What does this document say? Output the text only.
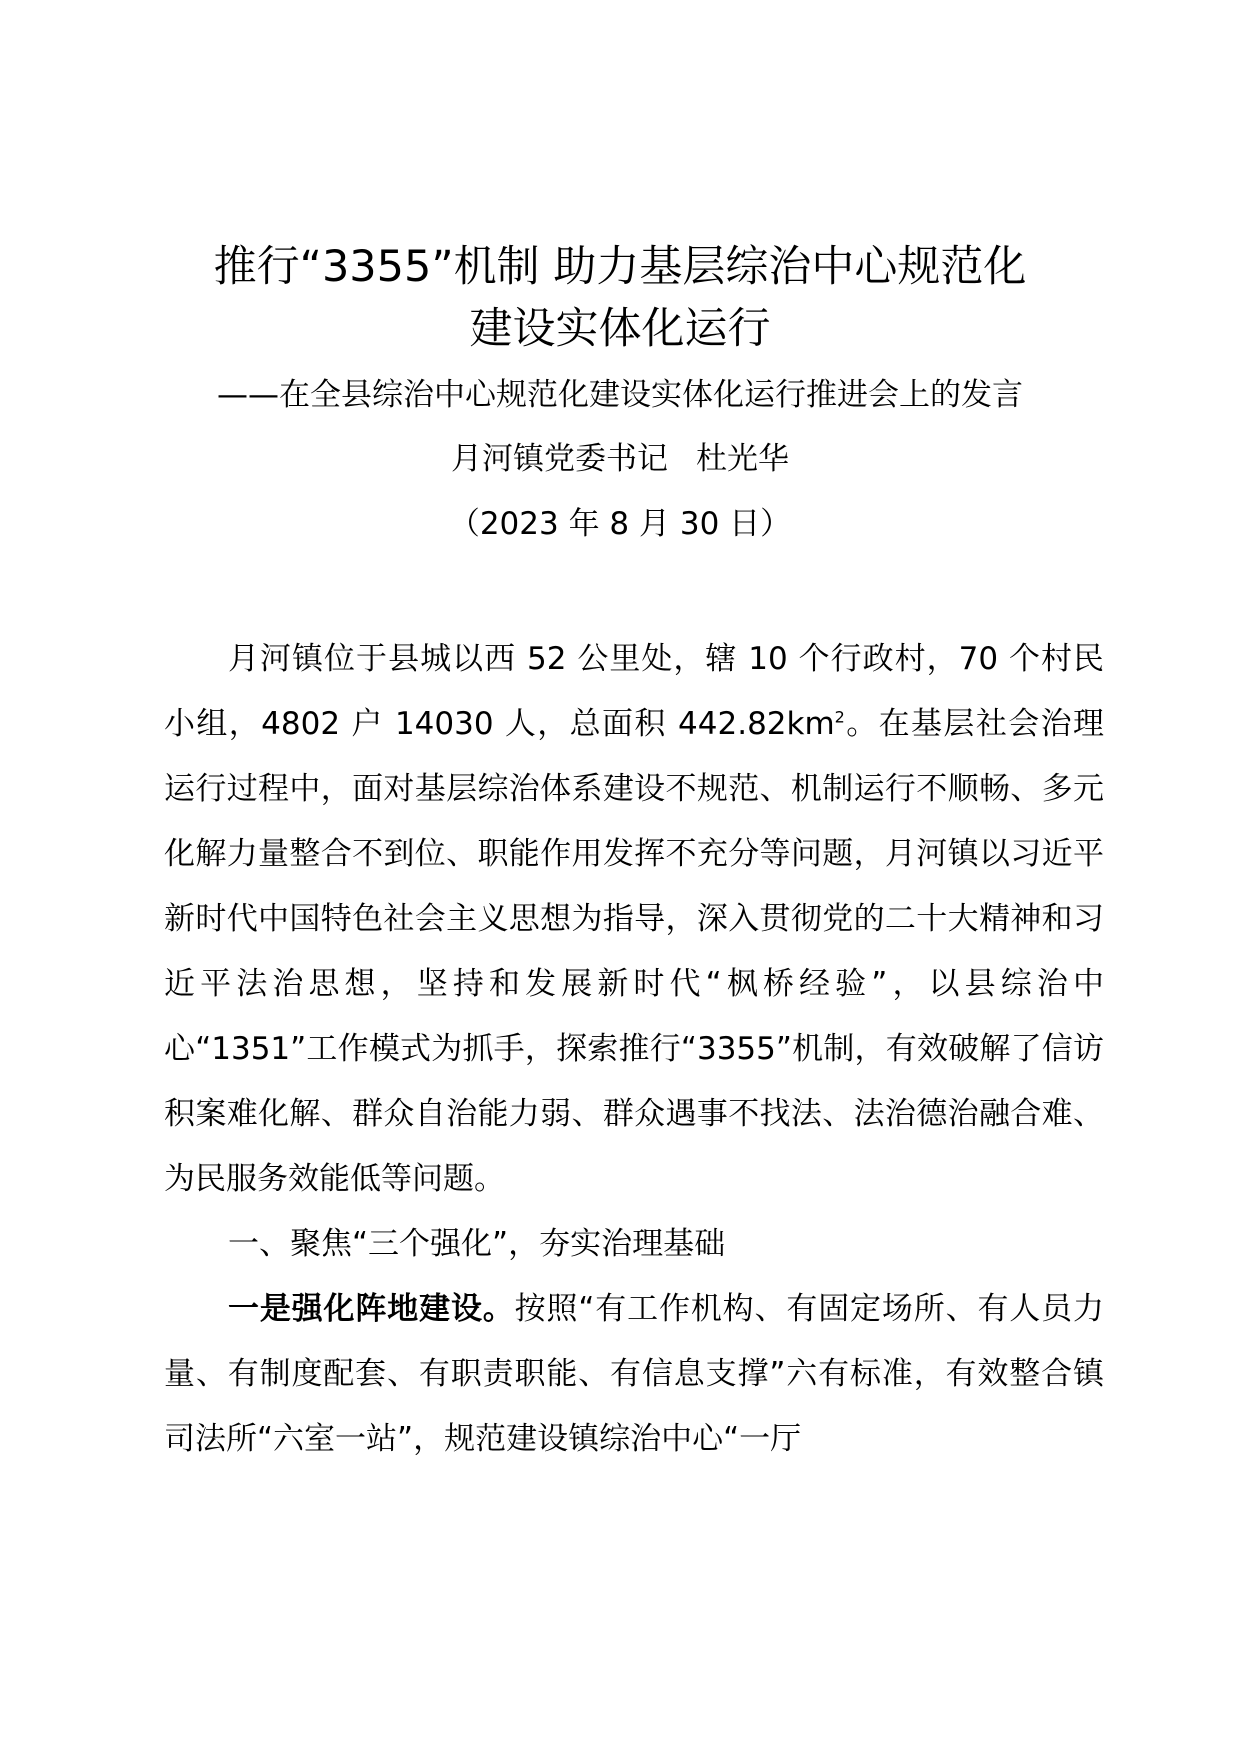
推行“3355”机制 助力基层综治中心规范化
建设实体化运行
——在全县综治中心规范化建设实体化运行推进会上的发言
月河镇党委书记 杜光华
（2023 年 8 月 30 日）

月河镇位于县城以西 52 公里处，辖 10 个行政村，70 个村民小组，4802 户 14030 人，总面积 $442.82km^2$。在基层社会治理运行过程中，面对基层综治体系建设不规范、机制运行不顺畅、多元化解力量整合不到位、职能作用发挥不充分等问题，月河镇以习近平新时代中国特色社会主义思想为指导，深入贯彻党的二十大精神和习近平法治思想，坚持和发展新时代“枫桥经验”，以县综治中心“1351”工作模式为抓手，探索推行“3355”机制，有效破解了信访积案难化解、群众自治能力弱、群众遇事不找法、法治德治融合难、为民服务效能低等问题。

一、聚焦“三个强化”，夯实治理基础

一是强化阵地建设。按照“有工作机构、有固定场所、有人员力量、有制度配套、有职责职能、有信息支撑”六有标准，有效整合镇司法所“六室一站”，规范建设镇综治中心“一厅
